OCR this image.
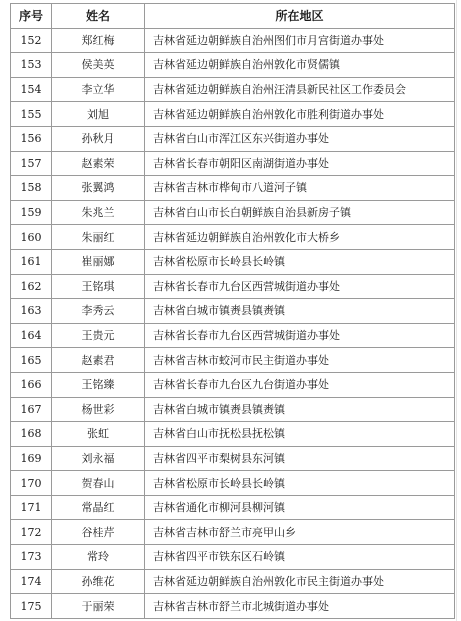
序号	姓名	所在地区
152	郑红梅	吉林省延边朝鲜族自治州图们市月宫街道办事处
153	侯美英	吉林省延边朝鲜族自治州敦化市贤儒镇
154	李立华	吉林省延边朝鲜族自治州汪清县新民社区工作委员会
155	刘旭	吉林省延边朝鲜族自治州敦化市胜利街道办事处
156	孙秋月	吉林省白山市浑江区东兴街道办事处
157	赵素荣	吉林省长春市朝阳区南湖街道办事处
158	张翼鸿	吉林省吉林市桦甸市八道河子镇
159	朱兆兰	吉林省白山市长白朝鲜族自治县新房子镇
160	朱丽红	吉林省延边朝鲜族自治州敦化市大桥乡
161	崔丽娜	吉林省松原市长岭县长岭镇
162	王铭琪	吉林省长春市九台区西营城街道办事处
163	李秀云	吉林省白城市镇赉县镇赉镇
164	王贵元	吉林省长春市九台区西营城街道办事处
165	赵素君	吉林省吉林市蛟河市民主街道办事处
166	王铭臻	吉林省长春市九台区九台街道办事处
167	杨世彩	吉林省白城市镇赉县镇赉镇
168	张虹	吉林省白山市抚松县抚松镇
169	刘永福	吉林省四平市梨树县东河镇
170	贺春山	吉林省松原市长岭县长岭镇
171	常晶红	吉林省通化市柳河县柳河镇
172	谷桂芹	吉林省吉林市舒兰市亮甲山乡
173	常玲	吉林省四平市铁东区石岭镇
174	孙维花	吉林省延边朝鲜族自治州敦化市民主街道办事处
175	于丽荣	吉林省吉林市舒兰市北城街道办事处
